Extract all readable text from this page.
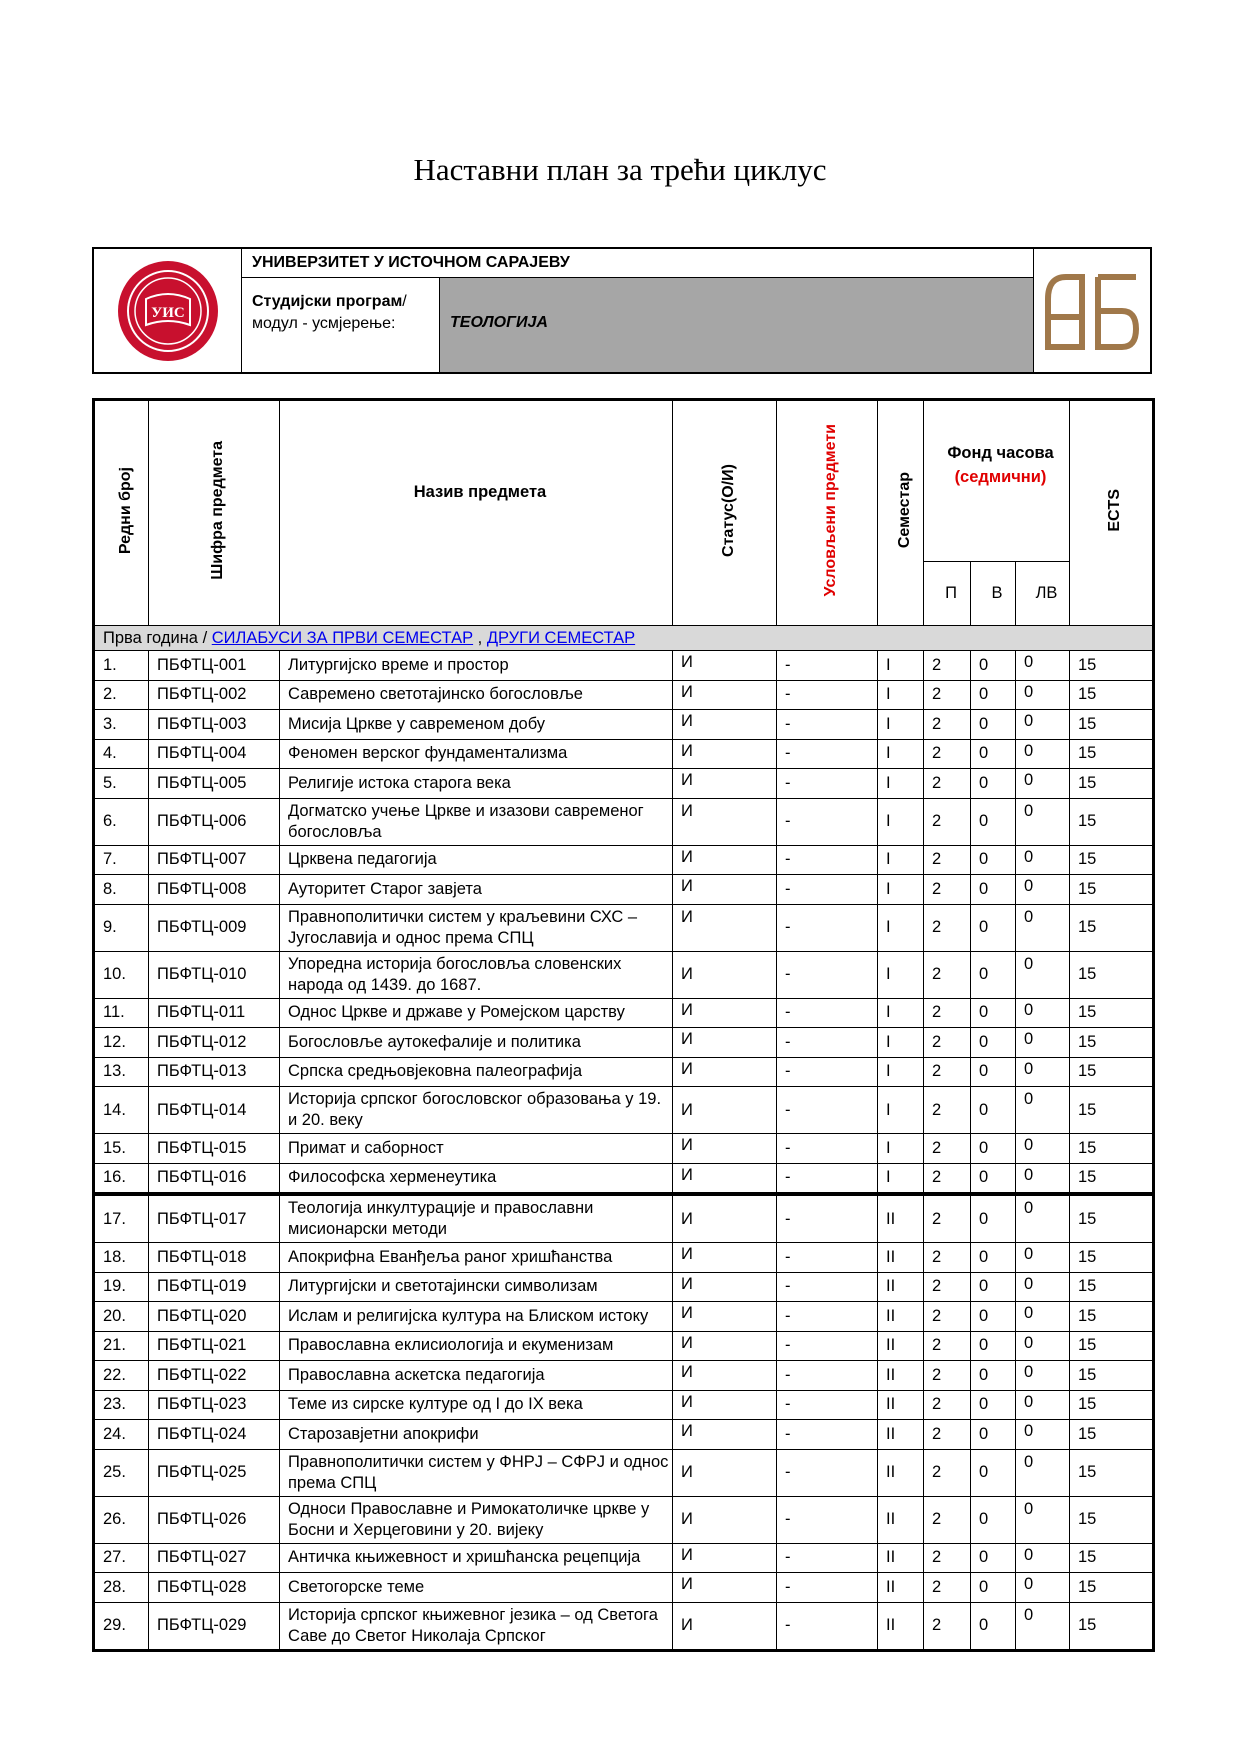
Наставни план за трећи циклус
УИС
УНИВЕРЗИТЕТ У ИСТОЧНОМ САРАЈЕВУ
Студијски програм/модул - усмјерење:	ТЕОЛОГИЈА
Редни број	Шифра предмета	Назив предмета	Статус(О/И)	Условљени предмети	Семестар	Фонд часова
(седмични)			ECTS
						П	В	ЛВ	
Прва година / СИЛАБУСИ ЗА ПРВИ СЕМЕСТАР , ДРУГИ СЕМЕСТАР									
1.	ПБФТЦ-001	Литургијско време и простор	И	-	I	2	0	0	15
2.	ПБФТЦ-002	Савремено светотајинско богословље	И	-	I	2	0	0	15
3.	ПБФТЦ-003	Мисија Цркве у савременом добу	И	-	I	2	0	0	15
4.	ПБФТЦ-004	Феномен верског фундаментализма	И	-	I	2	0	0	15
5.	ПБФТЦ-005	Религије истока старога века	И	-	I	2	0	0	15
6.	ПБФТЦ-006	Догматско учење Цркве и изазови савременог богословља	И	-	I	2	0	0	15
7.	ПБФТЦ-007	Црквена педагогија	И	-	I	2	0	0	15
8.	ПБФТЦ-008	Ауторитет Старог завјета	И	-	I	2	0	0	15
9.	ПБФТЦ-009	Правнополитички систем у краљевини СХС – Југославија и однос према СПЦ	И	-	I	2	0	0	15
10.	ПБФТЦ-010	Упоредна историја богословља словенских народа од 1439. до 1687.	И	-	I	2	0	0	15
11.	ПБФТЦ-011	Однос Цркве и државе у Ромејском царству	И	-	I	2	0	0	15
12.	ПБФТЦ-012	Богословље аутокефалије и политика	И	-	I	2	0	0	15
13.	ПБФТЦ-013	Српска средњовјековна палеографија	И	-	I	2	0	0	15
14.	ПБФТЦ-014	Историја српског богословског образовања у 19. и 20. веку	И	-	I	2	0	0	15
15.	ПБФТЦ-015	Примат и саборност	И	-	I	2	0	0	15
16.	ПБФТЦ-016	Философска херменеутика	И	-	I	2	0	0	15
17.	ПБФТЦ-017	Теологија инкултурације и православни мисионарски методи	И	-	II	2	0	0	15
18.	ПБФТЦ-018	Апокрифна Еванђеља раног хришћанства	И	-	II	2	0	0	15
19.	ПБФТЦ-019	Литургијски и светотајински символизам	И	-	II	2	0	0	15
20.	ПБФТЦ-020	Ислам и религијска култура на Блиском истоку	И	-	II	2	0	0	15
21.	ПБФТЦ-021	Православна еклисиологија и екуменизам	И	-	II	2	0	0	15
22.	ПБФТЦ-022	Православна аскетска педагогија	И	-	II	2	0	0	15
23.	ПБФТЦ-023	Теме из сирске културе од I до IX века	И	-	II	2	0	0	15
24.	ПБФТЦ-024	Старозавјетни апокрифи	И	-	II	2	0	0	15
25.	ПБФТЦ-025	Правнополитички систем у ФНРЈ – СФРЈ и однос према СПЦ	И	-	II	2	0	0	15
26.	ПБФТЦ-026	Односи Православне и Римокатоличке цркве у Босни и Херцеговини у 20. вијеку	И	-	II	2	0	0	15
27.	ПБФТЦ-027	Античка књижевност и хришћанска рецепција	И	-	II	2	0	0	15
28.	ПБФТЦ-028	Светогорске теме	И	-	II	2	0	0	15
29.	ПБФТЦ-029	Историја српског књижевног језика – од Светога Саве до Светог Николаја Српског	И	-	II	2	0	0	15
